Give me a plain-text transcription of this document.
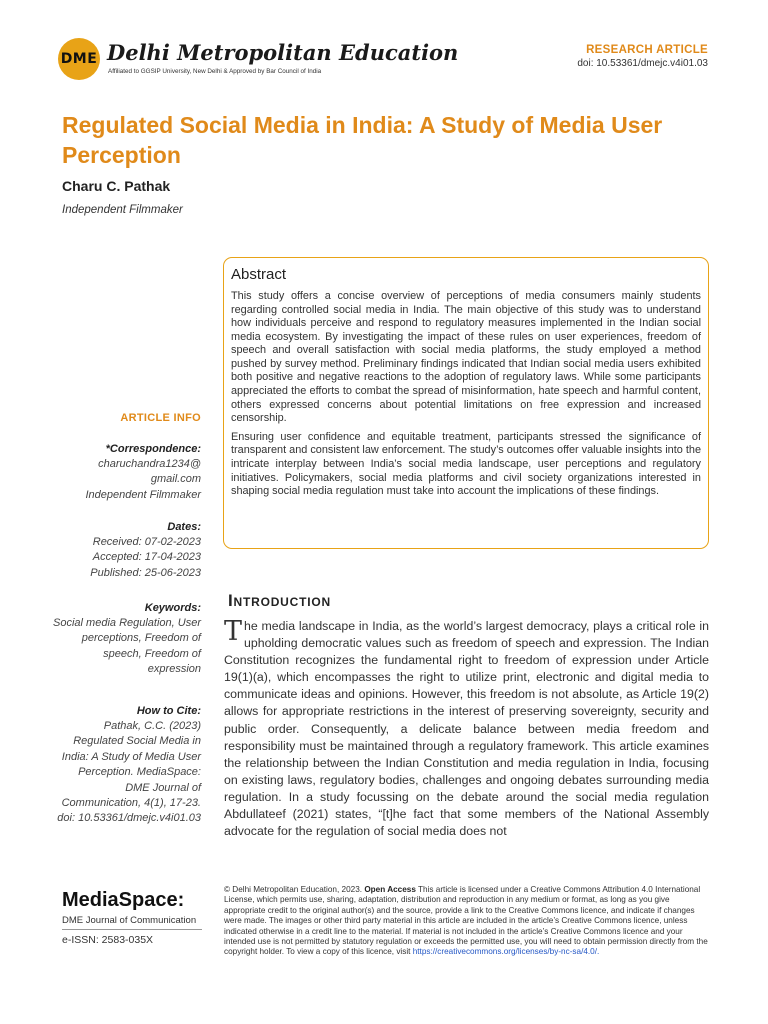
DME Delhi Metropolitan Education
Affiliated to GGSIP University, New Delhi & Approved by Bar Council of India
RESEARCH ARTICLE
doi: 10.53361/dmejc.v4i01.03
Regulated Social Media in India: A Study of Media User Perception
Charu C. Pathak
Independent Filmmaker
Abstract

This study offers a concise overview of perceptions of media consumers mainly students regarding controlled social media in India. The main objective of this study was to understand how individuals perceive and respond to regulatory measures implemented in the Indian social media ecosystem. By investigating the impact of these rules on user experiences, freedom of speech and overall satisfaction with social media platforms, the study employed a method pushed by survey method. Preliminary findings indicated that Indian social media users exhibited both positive and negative reactions to the adoption of regulatory laws. While some participants appreciated the efforts to combat the spread of misinformation, hate speech and harmful content, others expressed concerns about potential limitations on free expression and increased censorship.

Ensuring user confidence and equitable treatment, participants stressed the significance of transparent and consistent law enforcement. The study’s outcomes offer valuable insights into the intricate interplay between India’s social media landscape, user perceptions and regulatory initiatives. Policymakers, social media platforms and civil society organizations interested in shaping social media regulation must take into account the implications of these findings.

ARTICLE INFO
*Correspondence:
charuchandra1234@
gmail.com
Independent Filmmaker
Dates:
Received: 07-02-2023
Accepted: 17-04-2023
Published: 25-06-2023
Keywords:
Social media Regulation, User perceptions, Freedom of speech, Freedom of expression
How to Cite:
Pathak, C.C. (2023) Regulated Social Media in India: A Study of Media User Perception. MediaSpace: DME Journal of Communication, 4(1), 17-23. doi: 10.53361/dmejc.v4i01.03
Introduction
The media landscape in India, as the world’s largest democracy, plays a critical role in upholding democratic values such as freedom of speech and expression. The Indian Constitution recognizes the fundamental right to freedom of expression under Article 19(1)(a), which encompasses the right to utilize print, electronic and digital media to communicate ideas and opinions. However, this freedom is not absolute, as Article 19(2) allows for appropriate restrictions in the interest of preserving sovereignty, security and public order. Consequently, a delicate balance between media freedom and responsibility must be maintained through a regulatory framework. This article examines the relationship between the Indian Constitution and media regulation in India, focusing on existing laws, regulatory bodies, challenges and ongoing debates surrounding media regulation. In a study focussing on the debate around the social media regulation Abdullateef (2021) states, “[t]he fact that some members of the National Assembly advocate for the regulation of social media does not
MediaSpace:
DME Journal of Communication
e-ISSN: 2583-035X
© Delhi Metropolitan Education, 2023. Open Access This article is licensed under a Creative Commons Attribution 4.0 International License, which permits use, sharing, adaptation, distribution and reproduction in any medium or format, as long as you give appropriate credit to the original author(s) and the source, provide a link to the Creative Commons licence, and indicate if changes were made. The images or other third party material in this article are included in the article’s Creative Commons licence, unless indicated otherwise in a credit line to the material. If material is not included in the article’s Creative Commons licence and your intended use is not permitted by statutory regulation or exceeds the permitted use, you will need to obtain permission directly from the copyright holder. To view a copy of this licence, visit https://creativecommons.org/licenses/by-nc-sa/4.0/.
